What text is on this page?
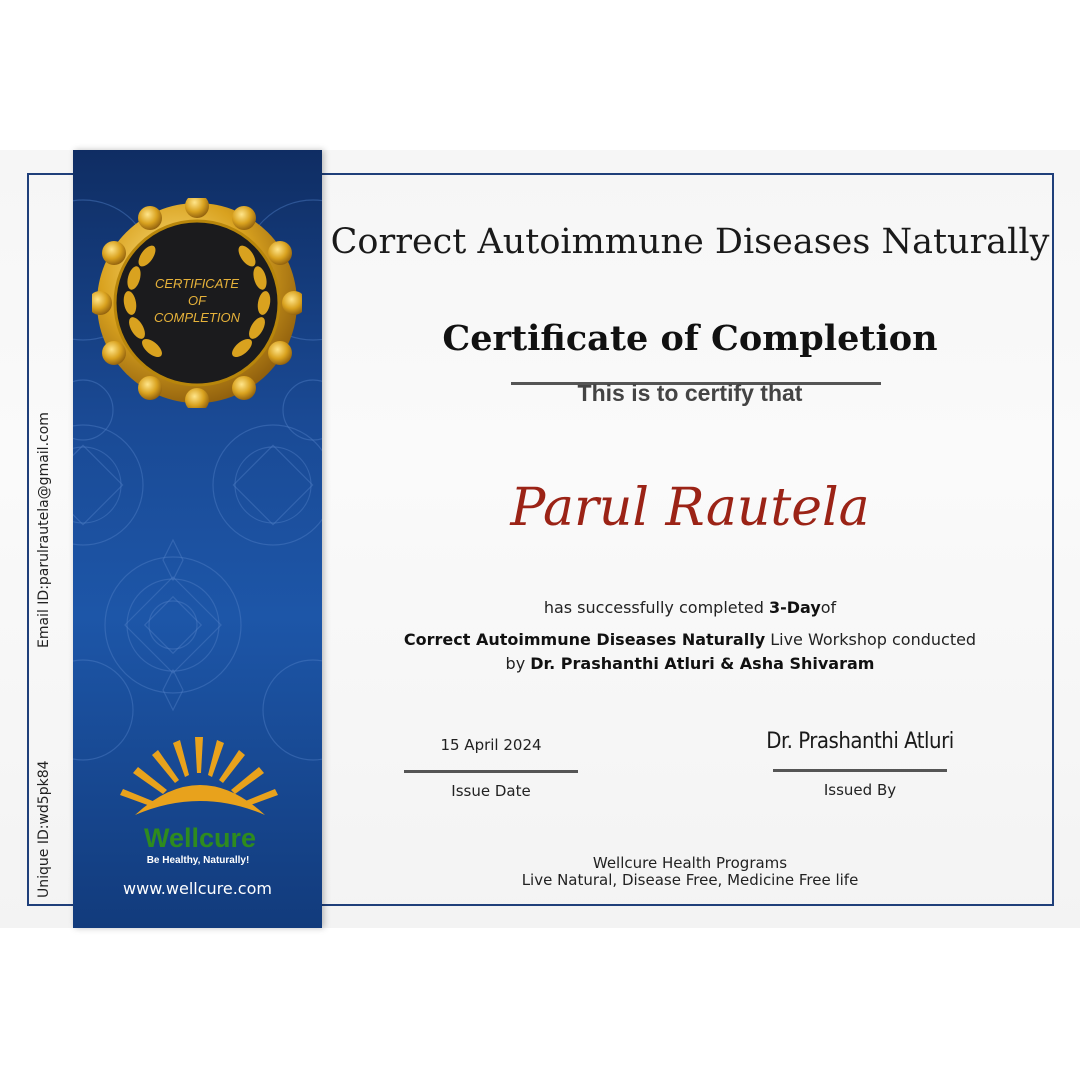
Email ID:parulrautela@gmail.com
Unique ID:wd5pk84
CERTIFICATE
OF
COMPLETION
Wellcure
Be Healthy, Naturally!
www.wellcure.com
Correct Autoimmune Diseases Naturally
Certificate of Completion
This is to certify that
Parul Rautela
has successfully completed 3-Dayof
Correct Autoimmune Diseases Naturally Live Workshop conducted
by Dr. Prashanthi Atluri & Asha Shivaram
15 April 2024	Dr. Prashanthi Atluri
Issue Date	Issued By
Wellcure Health Programs
Live Natural, Disease Free, Medicine Free life
